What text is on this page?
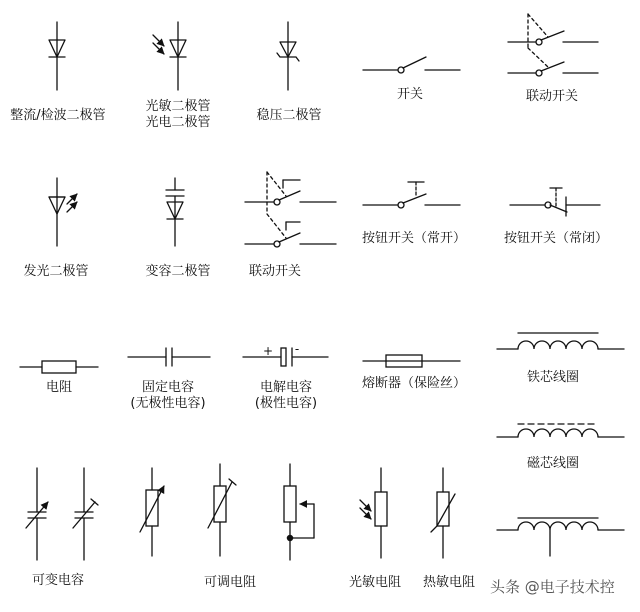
整流/检波二极管
光敏二极管
光电二极管	稳压二极管
开关	联动开关
发光二极管	变容二极管	联动开关
按钮开关（常开）	按钮开关（常闭）
电阻	固定电容
(无极性电容)
电解电容
(极性电容)
+ -
熔断器（保险丝）	铁芯线圈
磁芯线圈
可变电容	可调电阻	光敏电阻 热敏电阻 头条 @电子技术控
